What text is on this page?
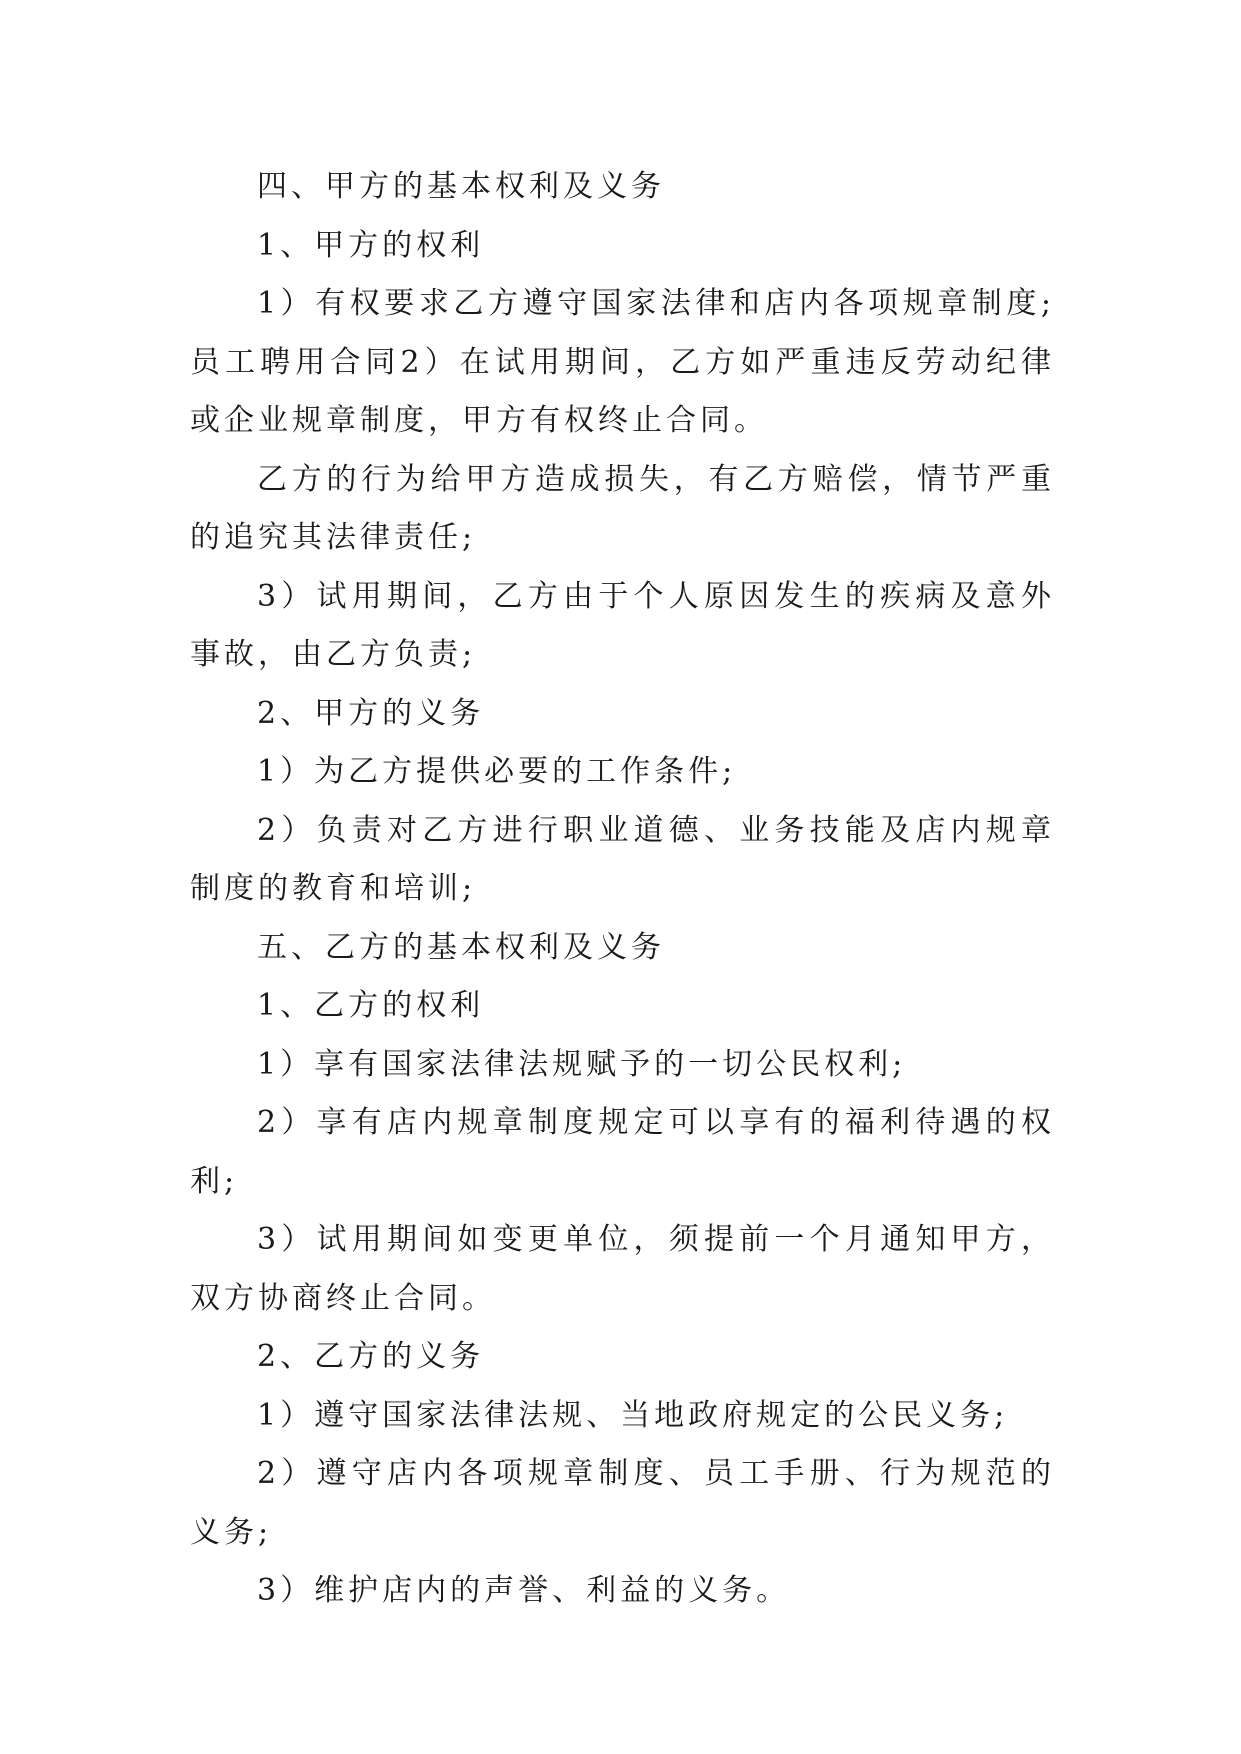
四、甲方的基本权利及义务

1、甲方的权利

1）有权要求乙方遵守国家法律和店内各项规章制度;员工聘用合同2）在试用期间，乙方如严重违反劳动纪律或企业规章制度，甲方有权终止合同。

乙方的行为给甲方造成损失，有乙方赔偿，情节严重的追究其法律责任;

3）试用期间，乙方由于个人原因发生的疾病及意外事故，由乙方负责;

2、甲方的义务

1）为乙方提供必要的工作条件;

2）负责对乙方进行职业道德、业务技能及店内规章制度的教育和培训;

五、乙方的基本权利及义务

1、乙方的权利

1）享有国家法律法规赋予的一切公民权利;

2）享有店内规章制度规定可以享有的福利待遇的权利;

3）试用期间如变更单位，须提前一个月通知甲方，双方协商终止合同。

2、乙方的义务

1）遵守国家法律法规、当地政府规定的公民义务;

2）遵守店内各项规章制度、员工手册、行为规范的义务;

3）维护店内的声誉、利益的义务。
